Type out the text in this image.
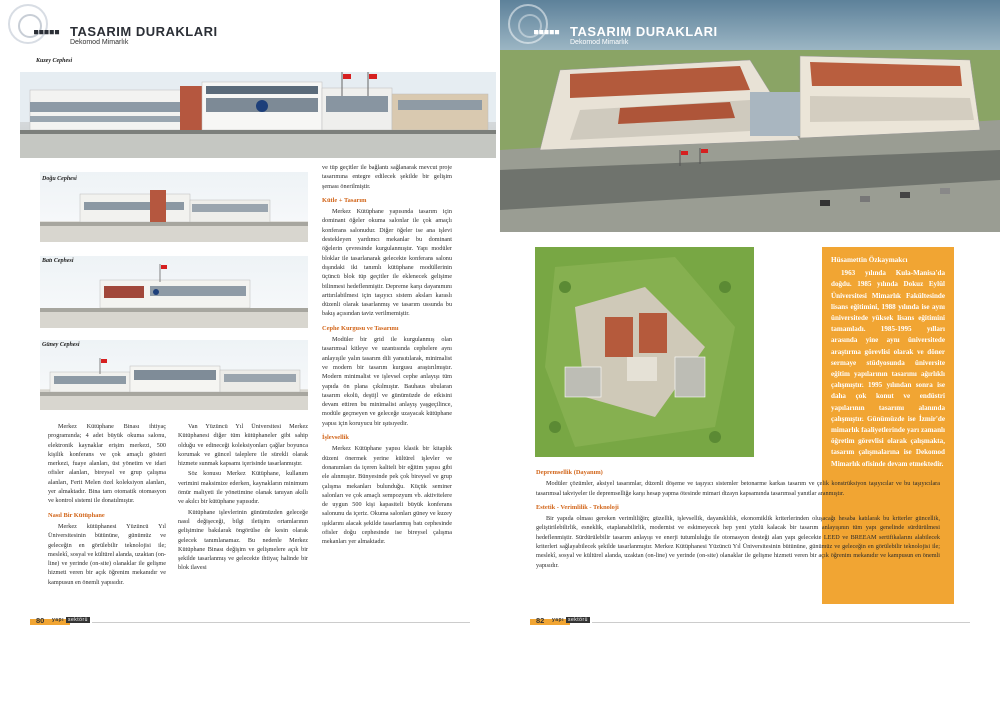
■■■■■ TASARIM DURAKLARI
Dekomod Mimarlık
Kuzey Cephesi
Doğu Cephesi
Batı Cephesi
Güney Cephesi

Merkez Kütüphane Binası ihtiyaç programında; 4 adet büyük okuma salonu, elektronik kaynaklar erişim merkezi, 500 kişilik konferans ve çok amaçlı gösteri merkezi, fuaye alanları, üst yönetim ve idari ofisler alanları, bireysel ve grup çalışma alanları, Ferit Melen özel koleksiyon alanları, yer almaktadır. Bina tam otomatik otomasyon ve kontrol sistemi ile donatılmıştır.

Nasıl Bir Kütüphane

Merkez kütüphanesi Yüzüncü Yıl Üniversitesinin bütününe, günümüz ve geleceğin en görülebilir teknolojisi ile; meslekî, sosyal ve kültürel alanda, uzaktan (on-line) ve yerinde (on-site) olanaklar ile gelişme hizmeti veren bir açık öğrenim mekanıdır ve kampusun en önemli yapısıdır.

Van Yüzüncü Yıl Üniversitesi Merkez Kütüphanesi diğer tüm kütüphaneler gibi sahip olduğu ve edineceği koleksiyonları çağlar boyunca korumak ve güncel taleplere ile sürekli olarak hizmete sunmak kapsamı içerisinde tasarlanmıştır.

Söz konusu Merkez Kütüphane, kullanım verimini maksimize ederken, kaynakların minimum ömür maliyeti ile yönetimine olanak tanıyan akıllı ve akılcı bir kütüphane yapısıdır.

Kütüphane işlevlerinin günümüzden geleceğe nasıl değişeceği, bilgi iletişim ortamlarının gelişimine bakılarak öngörülse de kesin olarak gelecek tanımlanamaz. Bu nedenle Merkez Kütüphane Binası değişim ve gelişmelere açık bir şekilde tasarlanmış ve gelecekte ihtiyaç halinde bir blok ilavesi

ve tüp geçitler ile bağlantı sağlanarak mevcut proje tasarımına entegre edilecek şekilde bir gelişim şeması önerilmiştir.

Kütle + Tasarım

Merkez Kütüphane yapısında tasarım için dominant öğeler okuma salonlar ile çok amaçlı konferans salonudur. Diğer öğeler ise ana işlevi destekleyen yardımcı mekanlar bu dominant öğelerin çevresinde kurgulanmıştır. Yapı modüler bloklar ile tasarlanarak gelecekte konferans salonu dışındaki iki tanımlı kütüphane modüllerinin üçüncü blok tüp geçitler ile eklenecek gelişime bilinmesi hedeflenmiştir. Depreme karşı dayanımını arttırılabilmesi için taşıyıcı sistem aksları karaslı düzenli olarak tasarlanmış ve tasarım ussunda bu bakış açısından taviz verilmemiştir.

Cephe Kurgusu ve Tasarımı

Modüler bir grid ile kurgulanmış olan tasarımsal kitleye ve uzantısında cephelere aynı anlayışile yalın tasarım dili yansıtılarak, minimalist ve modern bir tasarım kurgusu araştırılmıştır. Modern minimalist ve işlevsel cephe anlayışı tüm yapıda ön plana çıkılmıştır. Bauhaus ubularan tasarım ekolü, deştijl ve günümüzde de etkisini devam ettiren bu minimalist anlayış yaşgeçilince, modüle geçmeyen ve geleceğe uzayacak kütüphane yapısı için koruyucu bir ışıtsıyedir.

İşlevsellik

Merkez Kütüphane yapısı klasik bir kitaplık düzeni önermek yerine kültürel işlevler ve donanımları da içeren kaliteli bir eğitim yapısı gibi ele alınmıştır. Bünyesinde pek çok bireysel ve grup çalışma mekanları bulunduğu. Küçük seminer salonları ve çok amaçlı sempozyum vb. aktivitelere de uygun 500 kişi kapasiteli büyük konferans salonunu da içeriz. Okuma salonları güney ve kuzey ışıklarını alacak şekilde tasarlanmış batı cephesinde ofisler doğu cephesinde ise bireysel çalışma mekanları yer almaktadır.

80 yapı sektörü
■■■■■ TASARIM DURAKLARI
Dekomod Mimarlık
Hüsamettin Özkaymakcı
1963 yılında Kula-Manisa'da doğdu. 1985 yılında Dokuz Eylül Üniversitesi Mimarlık Fakültesinde lisans eğitimini, 1988 yılında ise aynı üniversitede yüksek lisans eğitimini tamamladı. 1985-1995 yılları arasında yine aynı üniversitede araştırma görevlisi olarak ve döner sermaye stüdyosunda üniversite eğitim yapılarının tasarımı ağırlıklı çalışmıştır. 1995 yılından sonra ise daha çok konut ve endüstri yapılarının tasarımı alanında çalışmıştır. Günümüzde ise İzmir'de mimarlık faaliyetlerinde yarı zamanlı öğretim görevlisi olarak çalışmakta, tasarım çalışmalarına ise Dekomod Mimarlık ofisinde devam etmektedir.
Depremsellik (Dayanım)

Modüler çözümler, aksiyel tasarımlar, düzenli döşeme ve taşıyıcı sistemler betonarme karkas tasarım ve çelik konstrüksiyon taşıyıcılar ve bu taşıyıcılara tasarımsal takviyeler ile depremselliğe karşı hesap yapma ötesinde mimari dizayn kapsamında tasarımsal yanıtlar aranmıştır.

Estetik - Verimlilik - Teknoloji

Bir yapıda olması gereken verimliliğin; güzellik, işlevsellik, dayanıklılık, ekonomiklik kriterlerinden oluşacağı hesaba katılarak bu kriterler güncellik, geliştirilebilirlik, esneklik, etaplanabilirlik, modernist ve eskimeyecek hep yeni yüzlü kalacak bir tasarım anlayışının tüm yapı genelinde sürdürülmesi hedeflenmiştir. Sürdürülebilir tasarım anlayışı ve enerji tutumluluğu ile otomasyon desteği alan yapı gelecekte LEED ve BREEAM sertifikalarını alabilecek kriterleri sağlayabilecek şekilde tasarlanmıştır. Merkez Kütüphanesi Yüzüncü Yıl Üniversitesinin bütününe, günümüz ve geleceğin en görülebilir teknolojisi ile; meslekî, sosyal ve kültürel alanda, uzaktan (on-line) ve yerinde (on-site) olanaklar ile gelişme hizmeti veren bir açık öğrenim mekanıdır ve kampusun en önemli yapısıdır.

82 yapı sektörü
